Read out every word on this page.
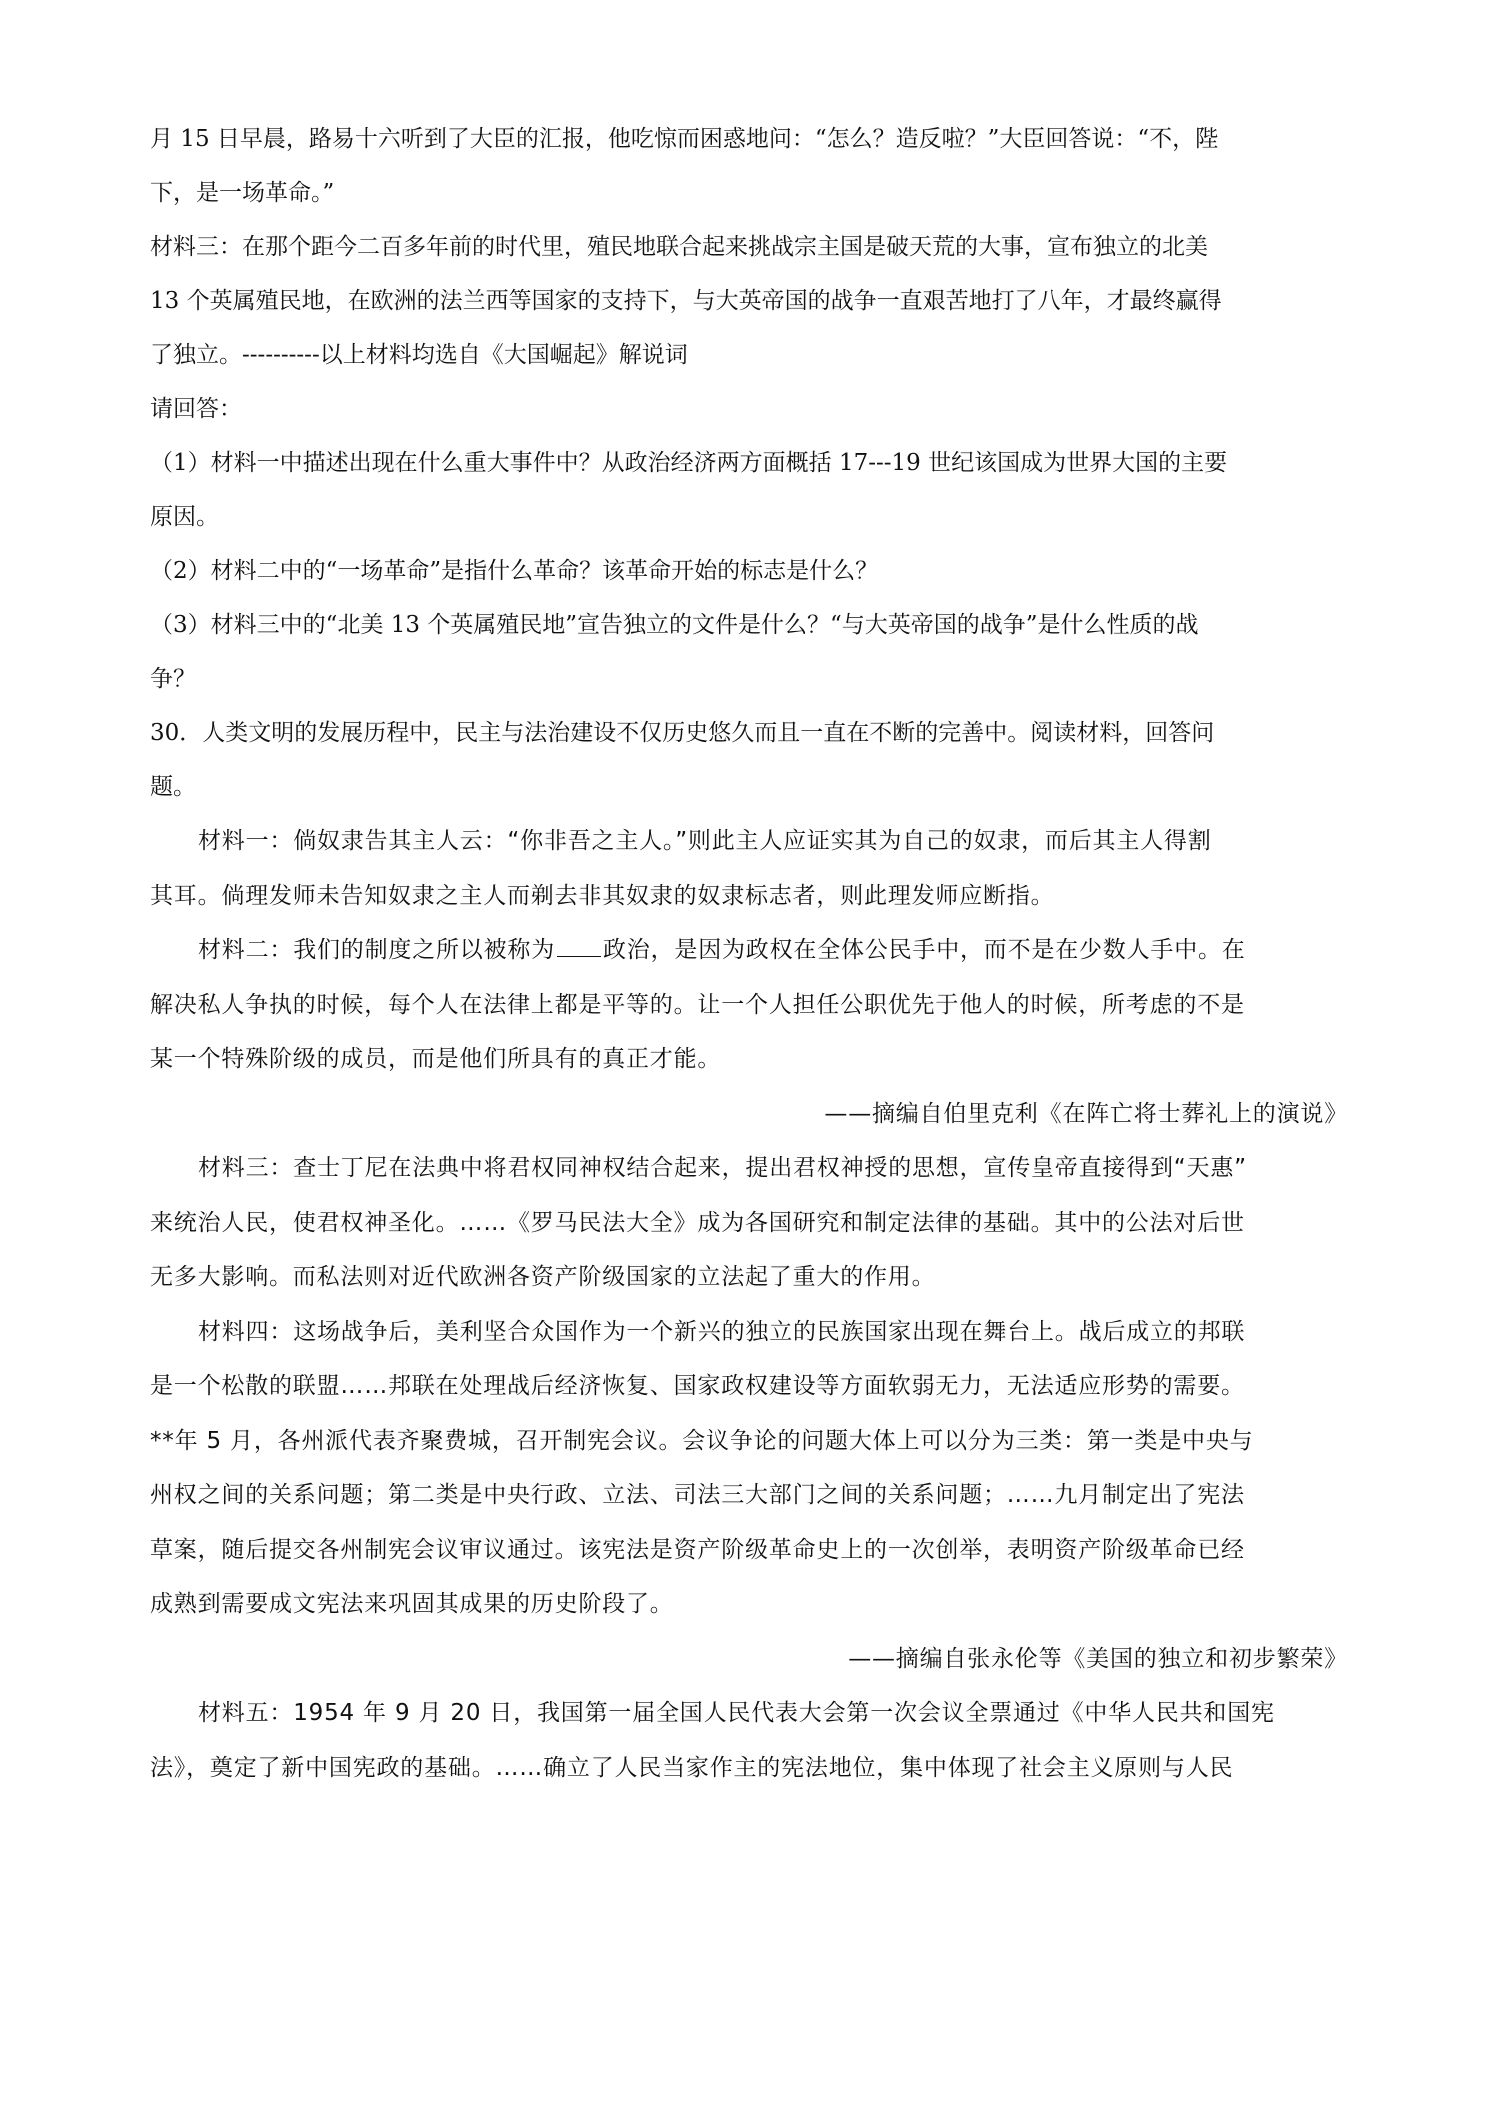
月 15 日早晨，路易十六听到了大臣的汇报，他吃惊而困惑地问：“怎么？造反啦？”大臣回答说：“不，陛
下，是一场革命。”
材料三：在那个距今二百多年前的时代里，殖民地联合起来挑战宗主国是破天荒的大事，宣布独立的北美
13 个英属殖民地，在欧洲的法兰西等国家的支持下，与大英帝国的战争一直艰苦地打了八年，才最终赢得
了独立。----------以上材料均选自《大国崛起》解说词
请回答：
（1）材料一中描述出现在什么重大事件中？从政治经济两方面概括 17---19 世纪该国成为世界大国的主要
原因。
（2）材料二中的“一场革命”是指什么革命？该革命开始的标志是什么？
（3）材料三中的“北美 13 个英属殖民地”宣告独立的文件是什么？“与大英帝国的战争”是什么性质的战
争？
30．人类文明的发展历程中，民主与法治建设不仅历史悠久而且一直在不断的完善中。阅读材料，回答问
题。
材料一：倘奴隶告其主人云：“你非吾之主人。”则此主人应证实其为自己的奴隶，而后其主人得割
其耳。倘理发师未告知奴隶之主人而剃去非其奴隶的奴隶标志者，则此理发师应断指。
材料二：我们的制度之所以被称为 政治，是因为政权在全体公民手中，而不是在少数人手中。在
解决私人争执的时候，每个人在法律上都是平等的。让一个人担任公职优先于他人的时候，所考虑的不是
某一个特殊阶级的成员，而是他们所具有的真正才能。
——摘编自伯里克利《在阵亡将士葬礼上的演说》
材料三：查士丁尼在法典中将君权同神权结合起来，提出君权神授的思想，宣传皇帝直接得到“天惠”
来统治人民，使君权神圣化。……《罗马民法大全》成为各国研究和制定法律的基础。其中的公法对后世
无多大影响。而私法则对近代欧洲各资产阶级国家的立法起了重大的作用。
材料四：这场战争后，美利坚合众国作为一个新兴的独立的民族国家出现在舞台上。战后成立的邦联
是一个松散的联盟……邦联在处理战后经济恢复、国家政权建设等方面软弱无力，无法适应形势的需要。
**年 5 月，各州派代表齐聚费城，召开制宪会议。会议争论的问题大体上可以分为三类：第一类是中央与
州权之间的关系问题；第二类是中央行政、立法、司法三大部门之间的关系问题；……九月制定出了宪法
草案，随后提交各州制宪会议审议通过。该宪法是资产阶级革命史上的一次创举，表明资产阶级革命已经
成熟到需要成文宪法来巩固其成果的历史阶段了。
——摘编自张永伦等《美国的独立和初步繁荣》
材料五：1954 年 9 月 20 日，我国第一届全国人民代表大会第一次会议全票通过《中华人民共和国宪
法》，奠定了新中国宪政的基础。……确立了人民当家作主的宪法地位，集中体现了社会主义原则与人民
